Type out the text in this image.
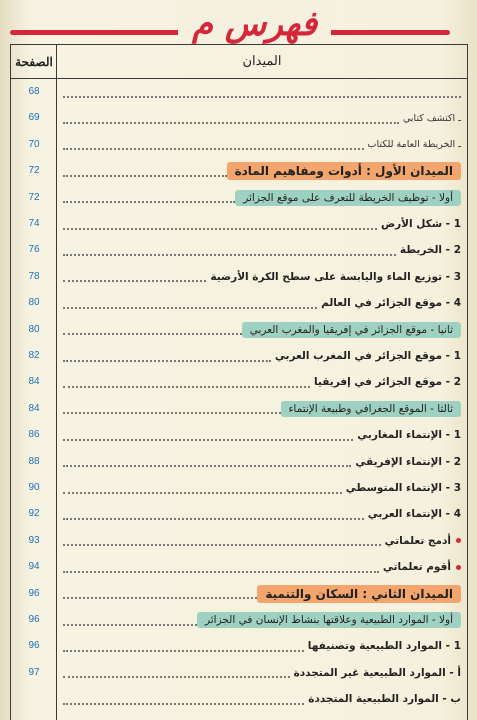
فهرس م
الصفحة	الميدان
68
69	ـ اكتشف كتابي
70	ـ الخريطة العامة للكتاب
72	الميدان الأول : أدوات ومفاهيم المادة
72	أولا - توظيف الخريطة للتعرف على موقع الجزائر
74	1 - شكل الأرض
76	2 - الخريطة
78	3 - توزيع الماء واليابسة على سطح الكرة الأرضية
80	4 - موقع الجزائر في العالم
80	ثانيا - موقع الجزائر في إفريقيا والمغرب العربي
82	1 - موقع الجزائر في المغرب العربي
84	2 - موقع الجزائر في إفريقيا
84	ثالثا - الموقع الجغرافي وطبيعة الإنتماء
86	1 - الإنتماء المغاربي
88	2 - الإنتماء الإفريقي
90	3 - الإنتماء المتوسطي
92	4 - الإنتماء العربي
93	أدمج تعلماتي
94	أقوم تعلماتي
96	الميدان الثاني : السكان والتنمية
96	أولا - الموارد الطبيعية وعلاقتها بنشاط الإنسان في الجزائر
96	1 - الموارد الطبيعية وتصنيفها
97	أ - الموارد الطبيعية غير المتجددة
ب - الموارد الطبيعية المتجددة
